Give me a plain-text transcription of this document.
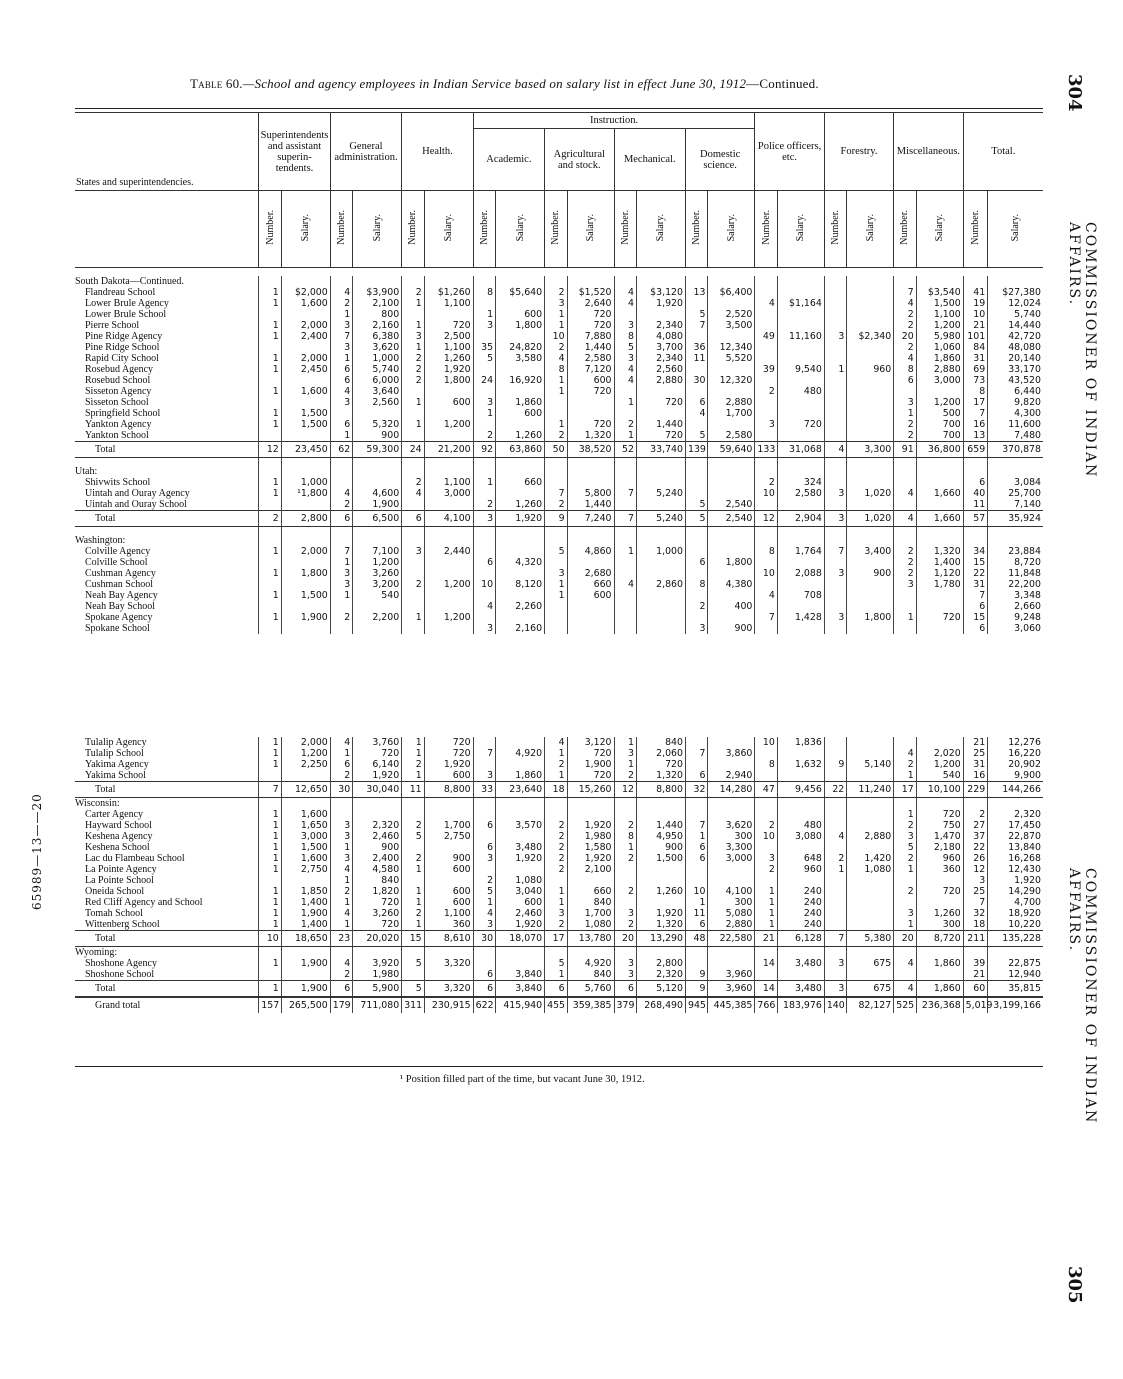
Table 60.—School and agency employees in Indian Service based on salary list in effect June 30, 1912—Continued.	304
COMMISSIONER OF INDIAN AFFAIRS.
305
COMMISSIONER OF INDIAN AFFAIRS.
65989—13——20
States and superintendencies.	Superintendents and assistant superintendents.		General administration.		Health.		Instruction.								Police officers, etc.		Forestry.		Miscellaneous.		Total.	
							Academic.		Agricultural and stock.		Mechanical.		Domestic science.									
	Number.	Salary.	Number.	Salary.	Number.	Salary.	Number.	Salary.	Number.	Salary.	Number.	Salary.	Number.	Salary.	Number.	Salary.	Number.	Salary.	Number.	Salary.	Number.	Salary.
South Dakota—Continued.																						
Flandreau School	1	$2,000	4	$3,900	2	$1,260	8	$5,640	2	$1,520	4	$3,120	13	$6,400					7	$3,540	41	$27,380
Lower Brule Agency	1	1,600	2	2,100	1	1,100			3	2,640	4	1,920			4	$1,164			4	1,500	19	12,024
Lower Brule School			1	800			1	600	1	720			5	2,520					2	1,100	10	5,740
Pierre School	1	2,000	3	2,160	1	720	3	1,800	1	720	3	2,340	7	3,500					2	1,200	21	14,440
Pine Ridge Agency	1	2,400	7	6,380	3	2,500			10	7,880	8	4,080			49	11,160	3	$2,340	20	5,980	101	42,720
Pine Ridge School			3	3,620	1	1,100	35	24,820	2	1,440	5	3,700	36	12,340					2	1,060	84	48,080
Rapid City School	1	2,000	1	1,000	2	1,260	5	3,580	4	2,580	3	2,340	11	5,520					4	1,860	31	20,140
Rosebud Agency	1	2,450	6	5,740	2	1,920			8	7,120	4	2,560			39	9,540	1	960	8	2,880	69	33,170
Rosebud School			6	6,000	2	1,800	24	16,920	1	600	4	2,880	30	12,320					6	3,000	73	43,520
Sisseton Agency	1	1,600	4	3,640					1	720					2	480					8	6,440
Sisseton School			3	2,560	1	600	3	1,860			1	720	6	2,880					3	1,200	17	9,820
Springfield School	1	1,500					1	600					4	1,700					1	500	7	4,300
Yankton Agency	1	1,500	6	5,320	1	1,200			1	720	2	1,440			3	720			2	700	16	11,600
Yankton School			1	900			2	1,260	2	1,320	1	720	5	2,580					2	700	13	7,480
Total	12	23,450	62	59,300	24	21,200	92	63,860	50	38,520	52	33,740	139	59,640	133	31,068	4	3,300	91	36,800	659	370,878

Utah:																						
Shivwits School	1	1,000			2	1,100	1	660							2	324					6	3,084
Uintah and Ouray Agency	1	¹1,800	4	4,600	4	3,000			7	5,800	7	5,240			10	2,580	3	1,020	4	1,660	40	25,700
Uintah and Ouray School			2	1,900			2	1,260	2	1,440			5	2,540							11	7,140
Total	2	2,800	6	6,500	6	4,100	3	1,920	9	7,240	7	5,240	5	2,540	12	2,904	3	1,020	4	1,660	57	35,924

Washington:																						
Colville Agency	1	2,000	7	7,100	3	2,440			5	4,860	1	1,000			8	1,764	7	3,400	2	1,320	34	23,884
Colville School			1	1,200			6	4,320					6	1,800					2	1,400	15	8,720
Cushman Agency	1	1,800	3	3,260					3	2,680					10	2,088	3	900	2	1,120	22	11,848
Cushman School			3	3,200	2	1,200	10	8,120	1	660	4	2,860	8	4,380					3	1,780	31	22,200
Neah Bay Agency	1	1,500	1	540					1	600					4	708					7	3,348
Neah Bay School							4	2,260					2	400							6	2,660
Spokane Agency	1	1,900	2	2,200	1	1,200									7	1,428	3	1,800	1	720	15	9,248
Spokane School							3	2,160					3	900							6	3,060
Tulalip Agency	1	2,000	4	3,760	1	720			4	3,120	1	840			10	1,836					21	12,276
Tulalip School	1	1,200	1	720	1	720	7	4,920	1	720	3	2,060	7	3,860					4	2,020	25	16,220
Yakima Agency	1	2,250	6	6,140	2	1,920			2	1,900	1	720			8	1,632	9	5,140	2	1,200	31	20,902
Yakima School			2	1,920	1	600	3	1,860	1	720	2	1,320	6	2,940					1	540	16	9,900
Total	7	12,650	30	30,040	11	8,800	33	23,640	18	15,260	12	8,800	32	14,280	47	9,456	22	11,240	17	10,100	229	144,266
Wisconsin:																						
Carter Agency	1	1,600																	1	720	2	2,320
Hayward School	1	1,650	3	2,320	2	1,700	6	3,570	2	1,920	2	1,440	7	3,620	2	480			2	750	27	17,450
Keshena Agency	1	3,000	3	2,460	5	2,750			2	1,980	8	4,950	1	300	10	3,080	4	2,880	3	1,470	37	22,870
Keshena School	1	1,500	1	900			6	3,480	2	1,580	1	900	6	3,300					5	2,180	22	13,840
Lac du Flambeau School	1	1,600	3	2,400	2	900	3	1,920	2	1,920	2	1,500	6	3,000	3	648	2	1,420	2	960	26	16,268
La Pointe Agency	1	2,750	4	4,580	1	600			2	2,100					2	960	1	1,080	1	360	12	12,430
La Pointe School			1	840			2	1,080													3	1,920
Oneida School	1	1,850	2	1,820	1	600	5	3,040	1	660	2	1,260	10	4,100	1	240			2	720	25	14,290
Red Cliff Agency and School	1	1,400	1	720	1	600	1	600	1	840			1	300	1	240					7	4,700
Tomah School	1	1,900	4	3,260	2	1,100	4	2,460	3	1,700	3	1,920	11	5,080	1	240			3	1,260	32	18,920
Wittenberg School	1	1,400	1	720	1	360	3	1,920	2	1,080	2	1,320	6	2,880	1	240			1	300	18	10,220
Total	10	18,650	23	20,020	15	8,610	30	18,070	17	13,780	20	13,290	48	22,580	21	6,128	7	5,380	20	8,720	211	135,228
Wyoming:																						
Shoshone Agency	1	1,900	4	3,920	5	3,320			5	4,920	3	2,800			14	3,480	3	675	4	1,860	39	22,875
Shoshone School			2	1,980			6	3,840	1	840	3	2,320	9	3,960							21	12,940
Total	1	1,900	6	5,900	5	3,320	6	3,840	6	5,760	6	5,120	9	3,960	14	3,480	3	675	4	1,860	60	35,815
Grand total	157	265,500	179	711,080	311	230,915	622	415,940	455	359,385	379	268,490	945	445,385	766	183,976	140	82,127	525	236,368	5,019	3,199,166
¹ Position filled part of the time, but vacant June 30, 1912.
